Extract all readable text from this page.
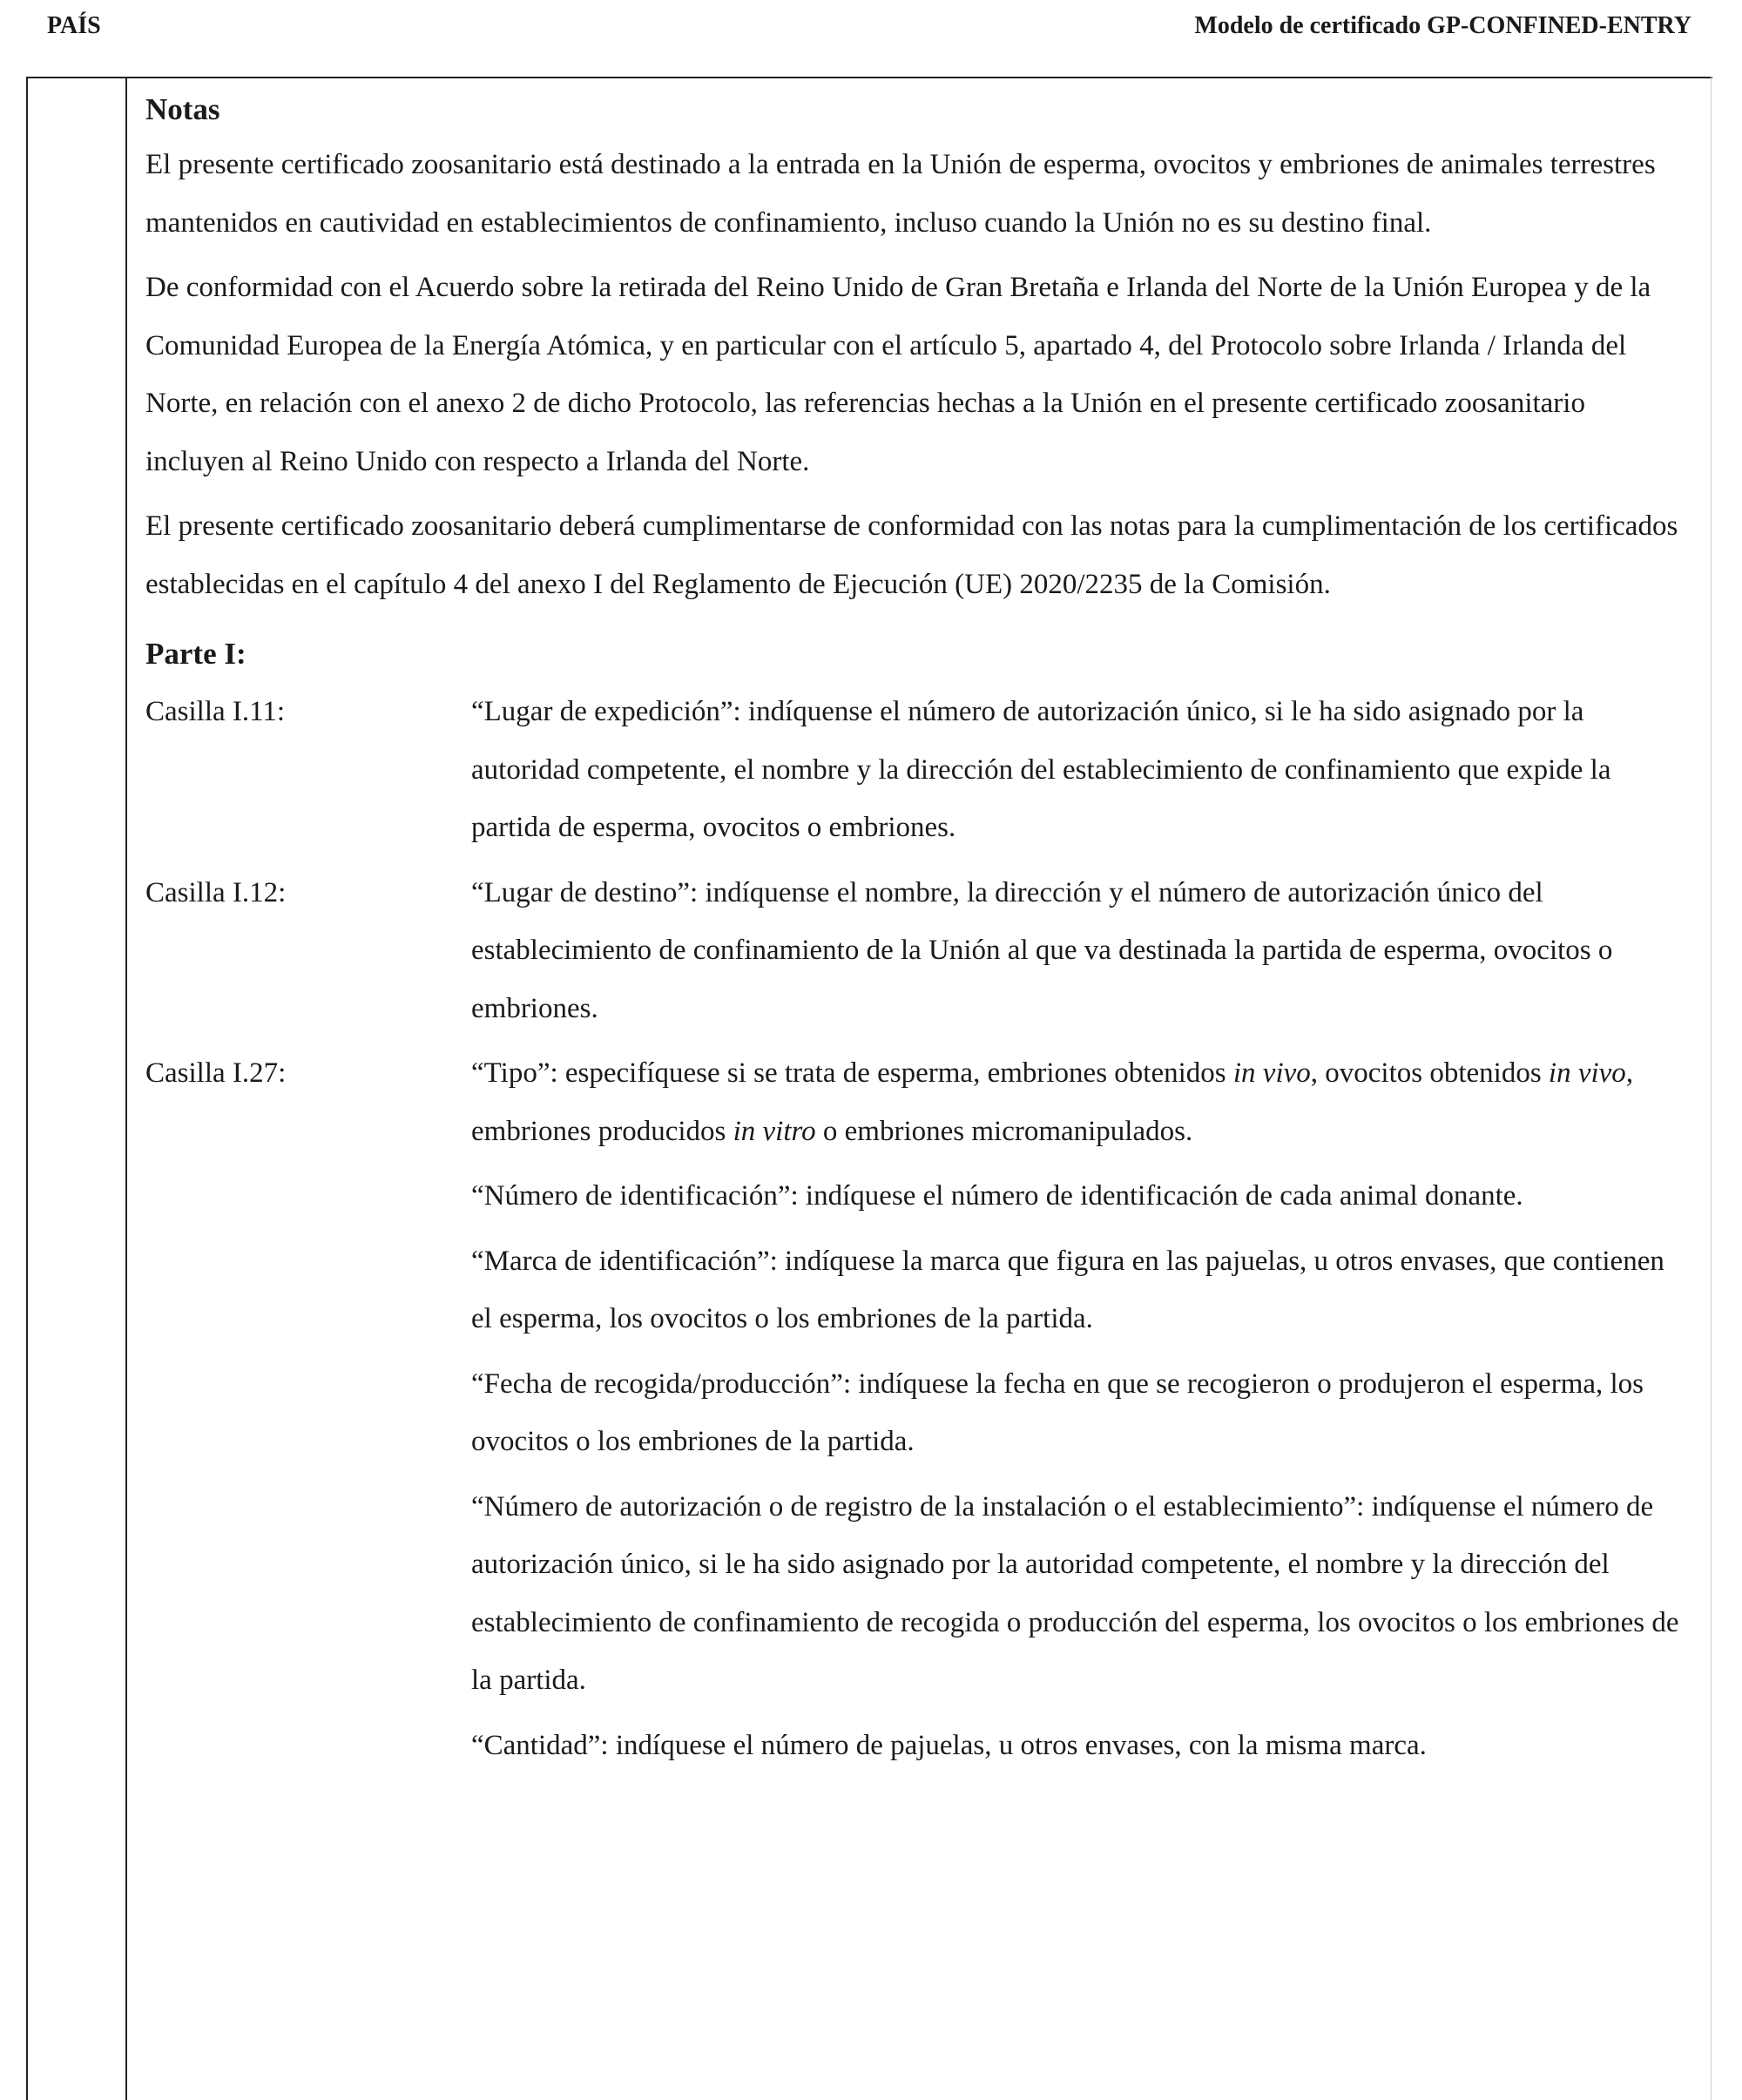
PAÍS	Modelo de certificado GP-CONFINED-ENTRY

Notas

El presente certificado zoosanitario está destinado a la entrada en la Unión de esperma, ovocitos y embriones de animales terrestres mantenidos en cautividad en establecimientos de confinamiento, incluso cuando la Unión no es su destino final.

De conformidad con el Acuerdo sobre la retirada del Reino Unido de Gran Bretaña e Irlanda del Norte de la Unión Europea y de la Comunidad Europea de la Energía Atómica, y en particular con el artículo 5, apartado 4, del Protocolo sobre Irlanda / Irlanda del Norte, en relación con el anexo 2 de dicho Protocolo, las referencias hechas a la Unión en el presente certificado zoosanitario incluyen al Reino Unido con respecto a Irlanda del Norte.

El presente certificado zoosanitario deberá cumplimentarse de conformidad con las notas para la cumplimentación de los certificados establecidas en el capítulo 4 del anexo I del Reglamento de Ejecución (UE) 2020/2235 de la Comisión.

Parte I:

Casilla I.11:	“Lugar de expedición”: indíquense el número de autorización único, si le ha sido asignado por la autoridad competente, el nombre y la dirección del establecimiento de confinamiento que expide la partida de esperma, ovocitos o embriones.

Casilla I.12:	“Lugar de destino”: indíquense el nombre, la dirección y el número de autorización único del establecimiento de confinamiento de la Unión al que va destinada la partida de esperma, ovocitos o embriones.

Casilla I.27:	“Tipo”: especifíquese si se trata de esperma, embriones obtenidos in vivo, ovocitos obtenidos in vivo, embriones producidos in vitro o embriones micromanipulados.

“Número de identificación”: indíquese el número de identificación de cada animal donante.

“Marca de identificación”: indíquese la marca que figura en las pajuelas, u otros envases, que contienen el esperma, los ovocitos o los embriones de la partida.

“Fecha de recogida/producción”: indíquese la fecha en que se recogieron o produjeron el esperma, los ovocitos o los embriones de la partida.

“Número de autorización o de registro de la instalación o el establecimiento”: indíquense el número de autorización único, si le ha sido asignado por la autoridad competente, el nombre y la dirección del establecimiento de confinamiento de recogida o producción del esperma, los ovocitos o los embriones de la partida.

“Cantidad”: indíquese el número de pajuelas, u otros envases, con la misma marca.
